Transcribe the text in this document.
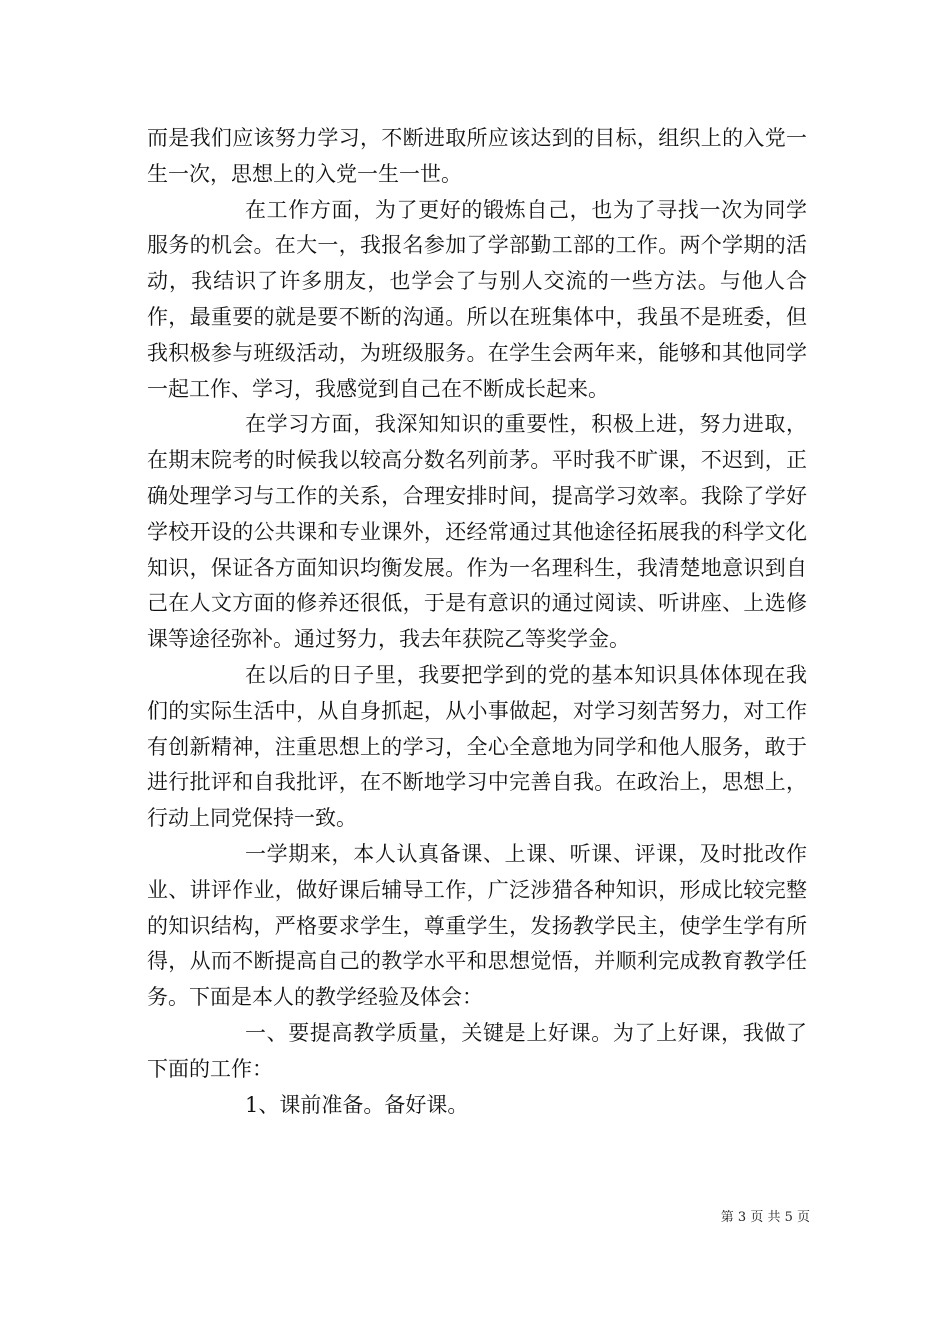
而是我们应该努力学习，不断进取所应该达到的目标，组织上的入党一生一次，思想上的入党一生一世。

在工作方面，为了更好的锻炼自己，也为了寻找一次为同学服务的机会。在大一，我报名参加了学部勤工部的工作。两个学期的活动，我结识了许多朋友，也学会了与别人交流的一些方法。与他人合作，最重要的就是要不断的沟通。所以在班集体中，我虽不是班委，但我积极参与班级活动，为班级服务。在学生会两年来，能够和其他同学一起工作、学习，我感觉到自己在不断成长起来。

在学习方面，我深知知识的重要性，积极上进，努力进取，在期末院考的时候我以较高分数名列前茅。平时我不旷课，不迟到，正确处理学习与工作的关系，合理安排时间，提高学习效率。我除了学好学校开设的公共课和专业课外，还经常通过其他途径拓展我的科学文化知识，保证各方面知识均衡发展。作为一名理科生，我清楚地意识到自己在人文方面的修养还很低，于是有意识的通过阅读、听讲座、上选修课等途径弥补。通过努力，我去年获院乙等奖学金。

在以后的日子里，我要把学到的党的基本知识具体体现在我们的实际生活中，从自身抓起，从小事做起，对学习刻苦努力，对工作有创新精神，注重思想上的学习，全心全意地为同学和他人服务，敢于进行批评和自我批评，在不断地学习中完善自我。在政治上，思想上，行动上同党保持一致。

一学期来，本人认真备课、上课、听课、评课，及时批改作业、讲评作业，做好课后辅导工作，广泛涉猎各种知识，形成比较完整的知识结构，严格要求学生，尊重学生，发扬教学民主，使学生学有所得，从而不断提高自己的教学水平和思想觉悟，并顺利完成教育教学任务。下面是本人的教学经验及体会：

一、要提高教学质量，关键是上好课。为了上好课，我做了下面的工作：

1、课前准备。备好课。

第 3 页 共 5 页
